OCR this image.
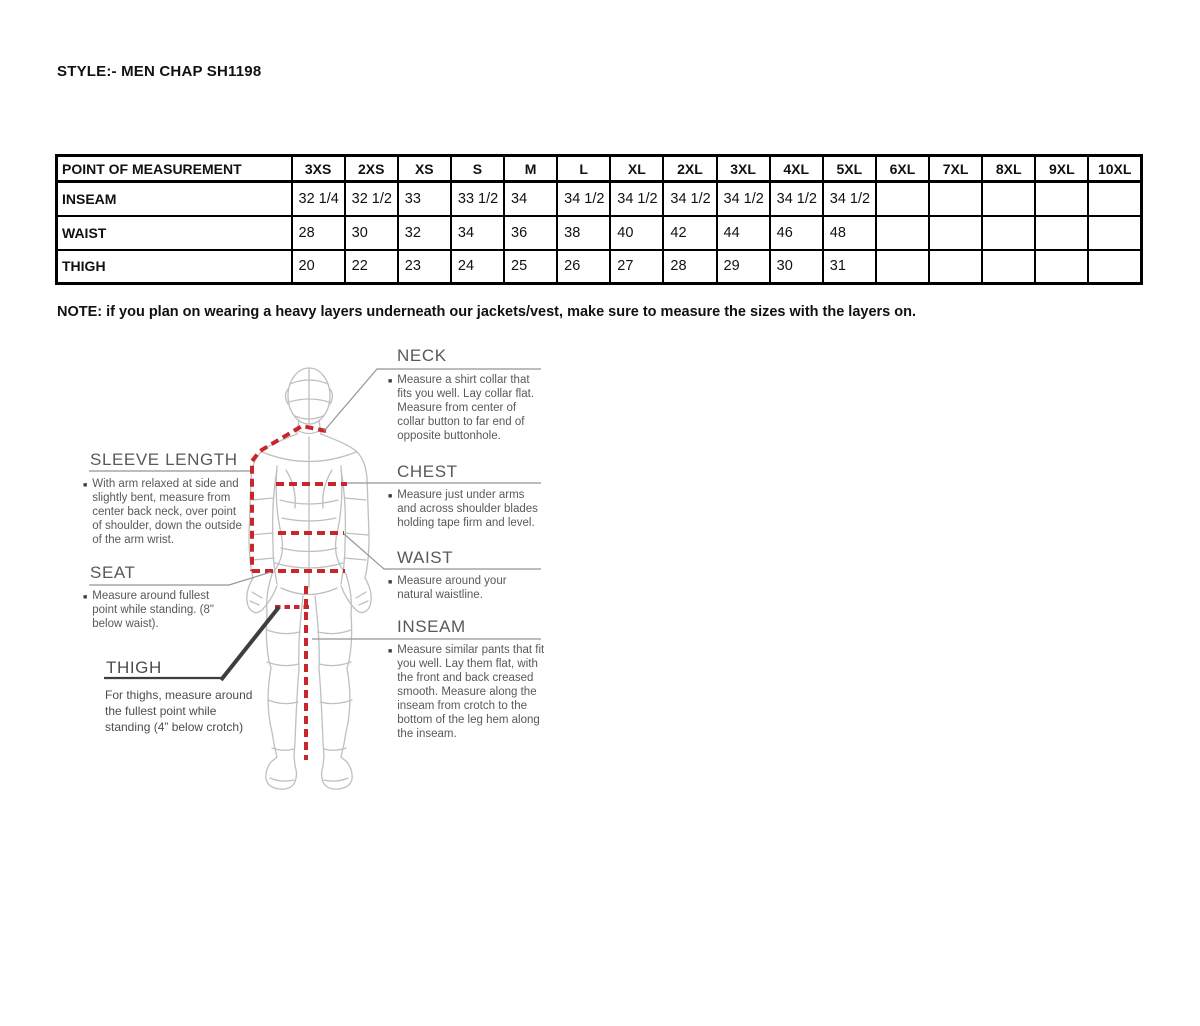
STYLE:- MEN CHAP SH1198
POINT OF MEASUREMENT	3XS	2XS	XS	S	M	L	XL	2XL	3XL	4XL	5XL	6XL	7XL	8XL	9XL	10XL
INSEAM	32 1/4	32 1/2	33	33 1/2	34	34 1/2	34 1/2	34 1/2	34 1/2	34 1/2	34 1/2					
WAIST	28	30	32	34	36	38	40	42	44	46	48					
THIGH	20	22	23	24	25	26	27	28	29	30	31					
NOTE: if you plan on wearing a heavy layers underneath our jackets/vest, make sure to measure the sizes with the layers on.
NECK
■ Measure a shirt collar that fits you well. Lay collar flat. Measure from center of collar button to far end of opposite buttonhole.
CHEST
■ Measure just under arms and across shoulder blades holding tape firm and level.
WAIST
■ Measure around your natural waistline.
INSEAM
■ Measure similar pants that fit you well. Lay them flat, with the front and back creased smooth. Measure along the inseam from crotch to the bottom of the leg hem along the inseam.
SLEEVE LENGTH
■ With arm relaxed at side and slightly bent, measure from center back neck, over point of shoulder, down the outside of the arm wrist.
SEAT
■ Measure around fullest point while standing. (8" below waist).
THIGH
For thighs, measure around the fullest point while standing (4” below crotch)
